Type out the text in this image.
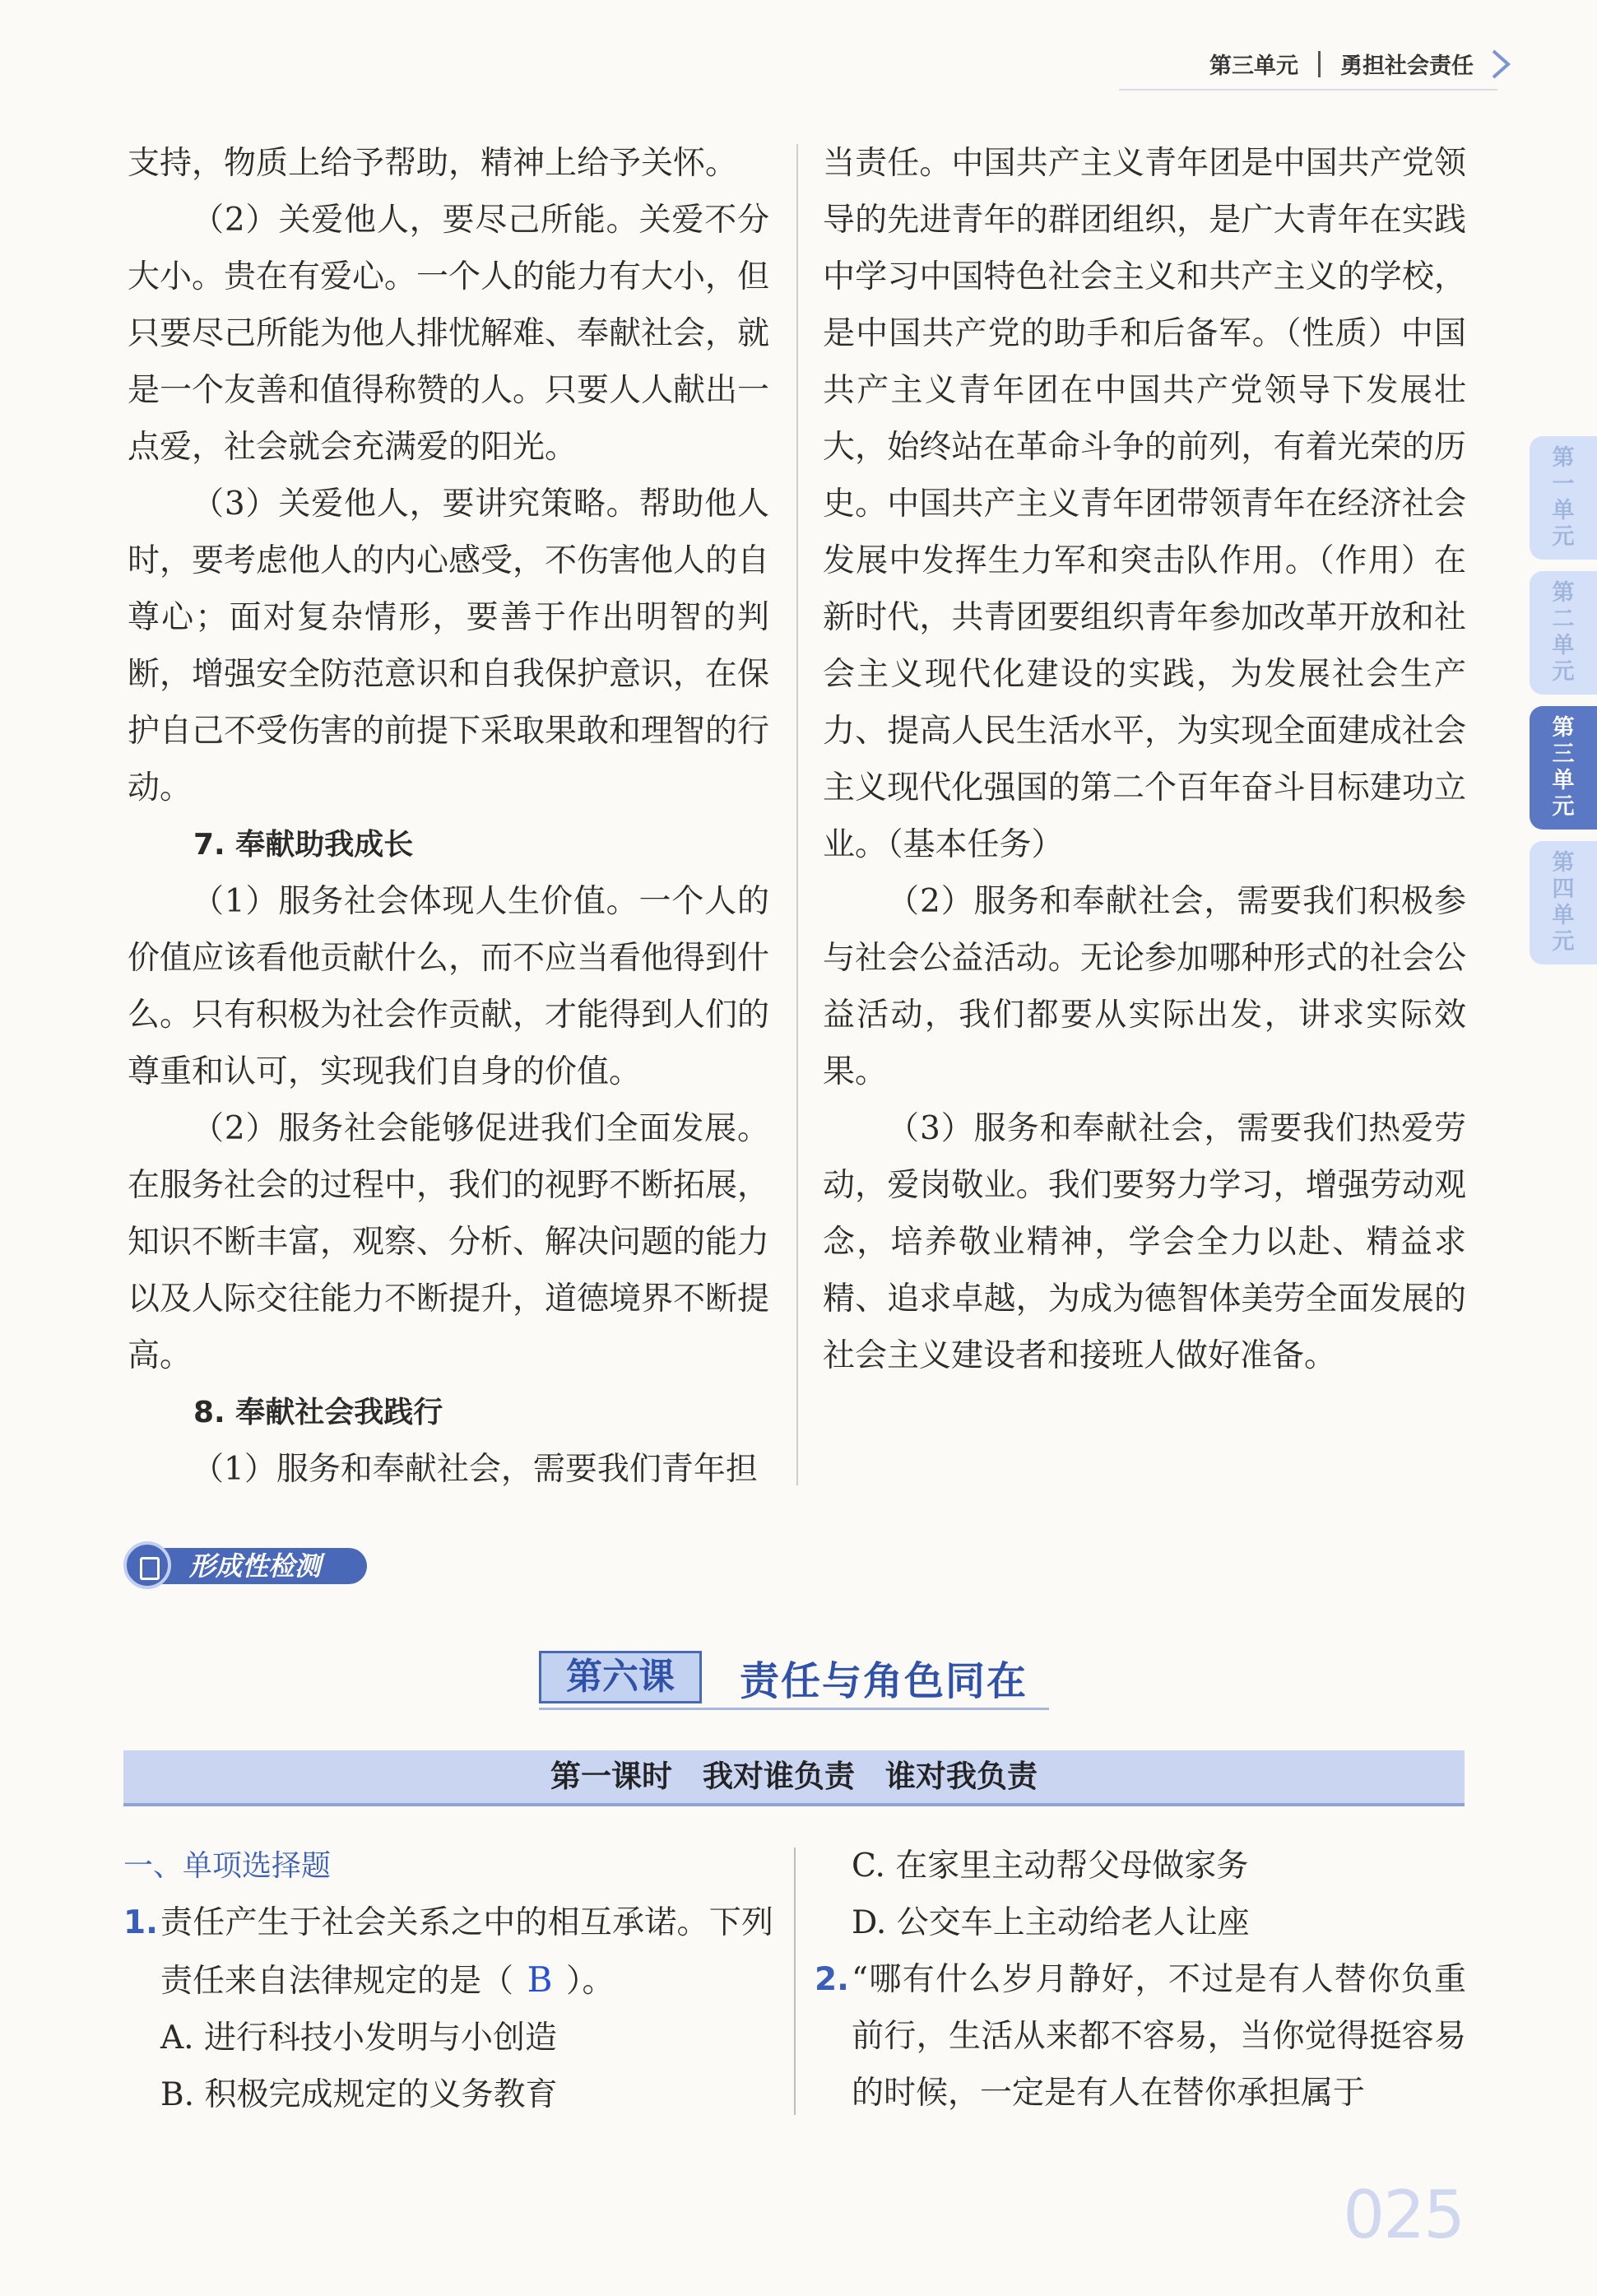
第三单元 勇担社会责任

支持，物质上给予帮助，精神上给予关怀。

（2）关爱他人，要尽己所能。关爱不分大小。贵在有爱心。一个人的能力有大小，但只要尽己所能为他人排忧解难、奉献社会，就是一个友善和值得称赞的人。只要人人献出一点爱，社会就会充满爱的阳光。

（3）关爱他人，要讲究策略。帮助他人时，要考虑他人的内心感受，不伤害他人的自尊心；面对复杂情形，要善于作出明智的判断，增强安全防范意识和自我保护意识，在保护自己不受伤害的前提下采取果敢和理智的行动。

7. 奉献助我成长

（1）服务社会体现人生价值。一个人的价值应该看他贡献什么，而不应当看他得到什么。只有积极为社会作贡献，才能得到人们的尊重和认可，实现我们自身的价值。

（2）服务社会能够促进我们全面发展。在服务社会的过程中，我们的视野不断拓展，知识不断丰富，观察、分析、解决问题的能力以及人际交往能力不断提升，道德境界不断提高。

8. 奉献社会我践行

（1）服务和奉献社会，需要我们青年担

当责任。中国共产主义青年团是中国共产党领导的先进青年的群团组织，是广大青年在实践中学习中国特色社会主义和共产主义的学校，是中国共产党的助手和后备军。（性质）中国共产主义青年团在中国共产党领导下发展壮大，始终站在革命斗争的前列，有着光荣的历史。中国共产主义青年团带领青年在经济社会发展中发挥生力军和突击队作用。（作用）在新时代，共青团要组织青年参加改革开放和社会主义现代化建设的实践，为发展社会生产力、提高人民生活水平，为实现全面建成社会主义现代化强国的第二个百年奋斗目标建功立业。（基本任务）

（2）服务和奉献社会，需要我们积极参与社会公益活动。无论参加哪种形式的社会公益活动，我们都要从实际出发，讲求实际效果。

（3）服务和奉献社会，需要我们热爱劳动，爱岗敬业。我们要努力学习，增强劳动观念，培养敬业精神，学会全力以赴、精益求精、追求卓越，为成为德智体美劳全面发展的社会主义建设者和接班人做好准备。

第一单元
第二单元
第三单元
第四单元
形成性检测
第六课	责任与角色同在
第一课时　我对谁负责　谁对我负责

一、单项选择题

1. 责任产生于社会关系之中的相互承诺。下列责任来自法律规定的是（ B ）。

A. 进行科技小发明与小创造

B. 积极完成规定的义务教育

C. 在家里主动帮父母做家务

D. 公交车上主动给老人让座

2. “哪有什么岁月静好，不过是有人替你负重前行，生活从来都不容易，当你觉得挺容易的时候，一定是有人在替你承担属于

025
